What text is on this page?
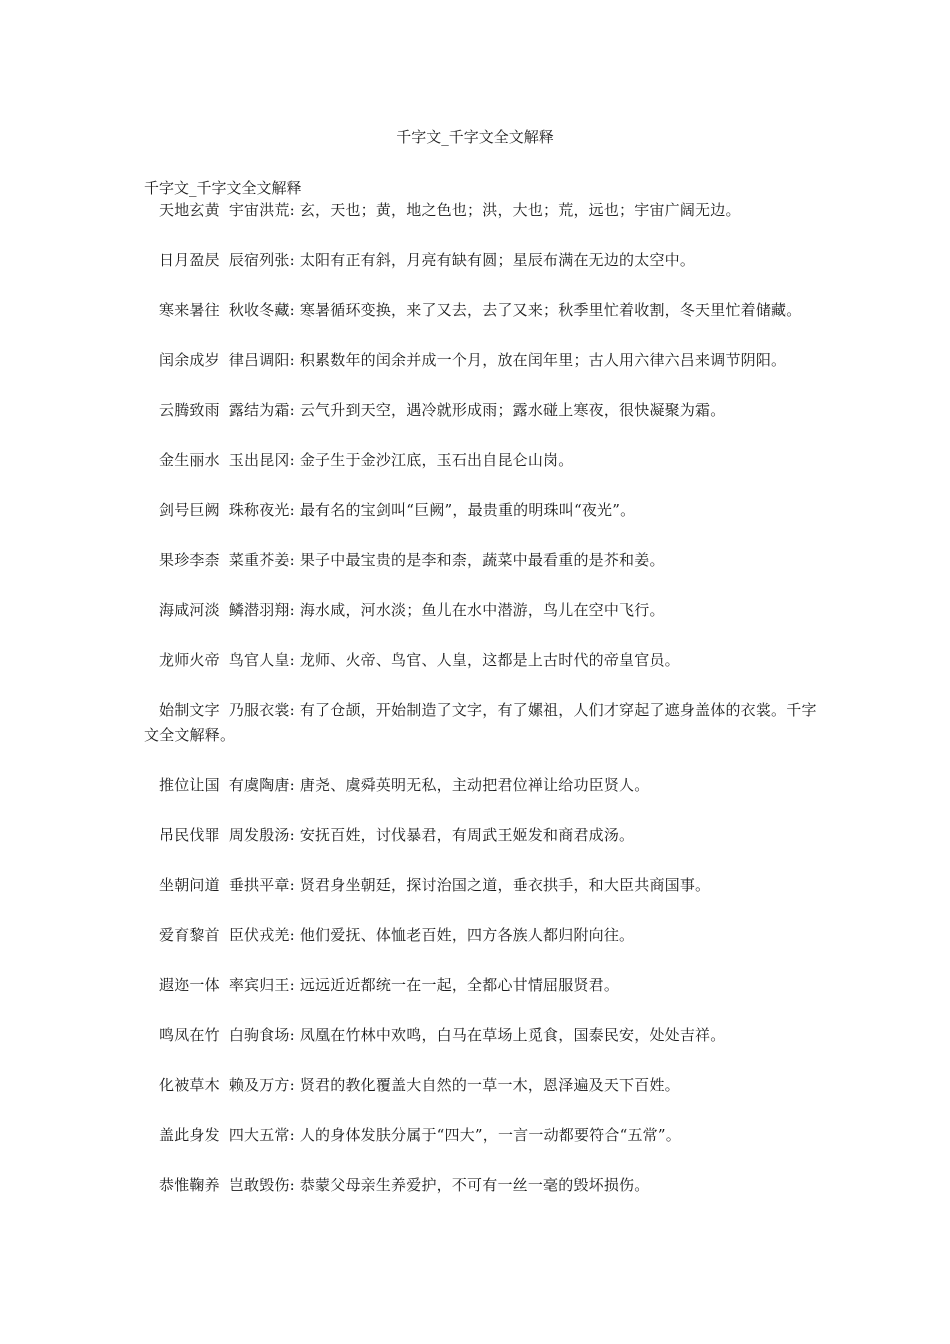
千字文_千字文全文解释

千字文_千字文全文解释

天地玄黄 宇宙洪荒: 玄，天也；黄，地之色也；洪，大也；荒，远也；宇宙广阔无边。

日月盈昃 辰宿列张: 太阳有正有斜，月亮有缺有圆；星辰布满在无边的太空中。

寒来暑往 秋收冬藏: 寒暑循环变换，来了又去，去了又来；秋季里忙着收割，冬天里忙着储藏。

闰余成岁 律吕调阳: 积累数年的闰余并成一个月，放在闰年里；古人用六律六吕来调节阴阳。

云腾致雨 露结为霜: 云气升到天空，遇冷就形成雨；露水碰上寒夜，很快凝聚为霜。

金生丽水 玉出昆冈: 金子生于金沙江底，玉石出自昆仑山岗。

剑号巨阙 珠称夜光: 最有名的宝剑叫“巨阙”，最贵重的明珠叫“夜光”。

果珍李柰 菜重芥姜: 果子中最宝贵的是李和柰，蔬菜中最看重的是芥和姜。

海咸河淡 鳞潜羽翔: 海水咸，河水淡；鱼儿在水中潜游，鸟儿在空中飞行。

龙师火帝 鸟官人皇: 龙师、火帝、鸟官、人皇，这都是上古时代的帝皇官员。

始制文字 乃服衣裳: 有了仓颉，开始制造了文字，有了嫘祖，人们才穿起了遮身盖体的衣裳。千字文全文解释。

推位让国 有虞陶唐: 唐尧、虞舜英明无私，主动把君位禅让给功臣贤人。

吊民伐罪 周发殷汤: 安抚百姓，讨伐暴君，有周武王姬发和商君成汤。

坐朝问道 垂拱平章: 贤君身坐朝廷，探讨治国之道，垂衣拱手，和大臣共商国事。

爱育黎首 臣伏戎羌: 他们爱抚、体恤老百姓，四方各族人都归附向往。

遐迩一体 率宾归王: 远远近近都统一在一起，全都心甘情屈服贤君。

鸣凤在竹 白驹食场: 凤凰在竹林中欢鸣，白马在草场上觅食，国泰民安，处处吉祥。

化被草木 赖及万方: 贤君的教化覆盖大自然的一草一木，恩泽遍及天下百姓。

盖此身发 四大五常: 人的身体发肤分属于“四大”，一言一动都要符合“五常”。

恭惟鞠养 岂敢毁伤: 恭蒙父母亲生养爱护，不可有一丝一毫的毁坏损伤。
